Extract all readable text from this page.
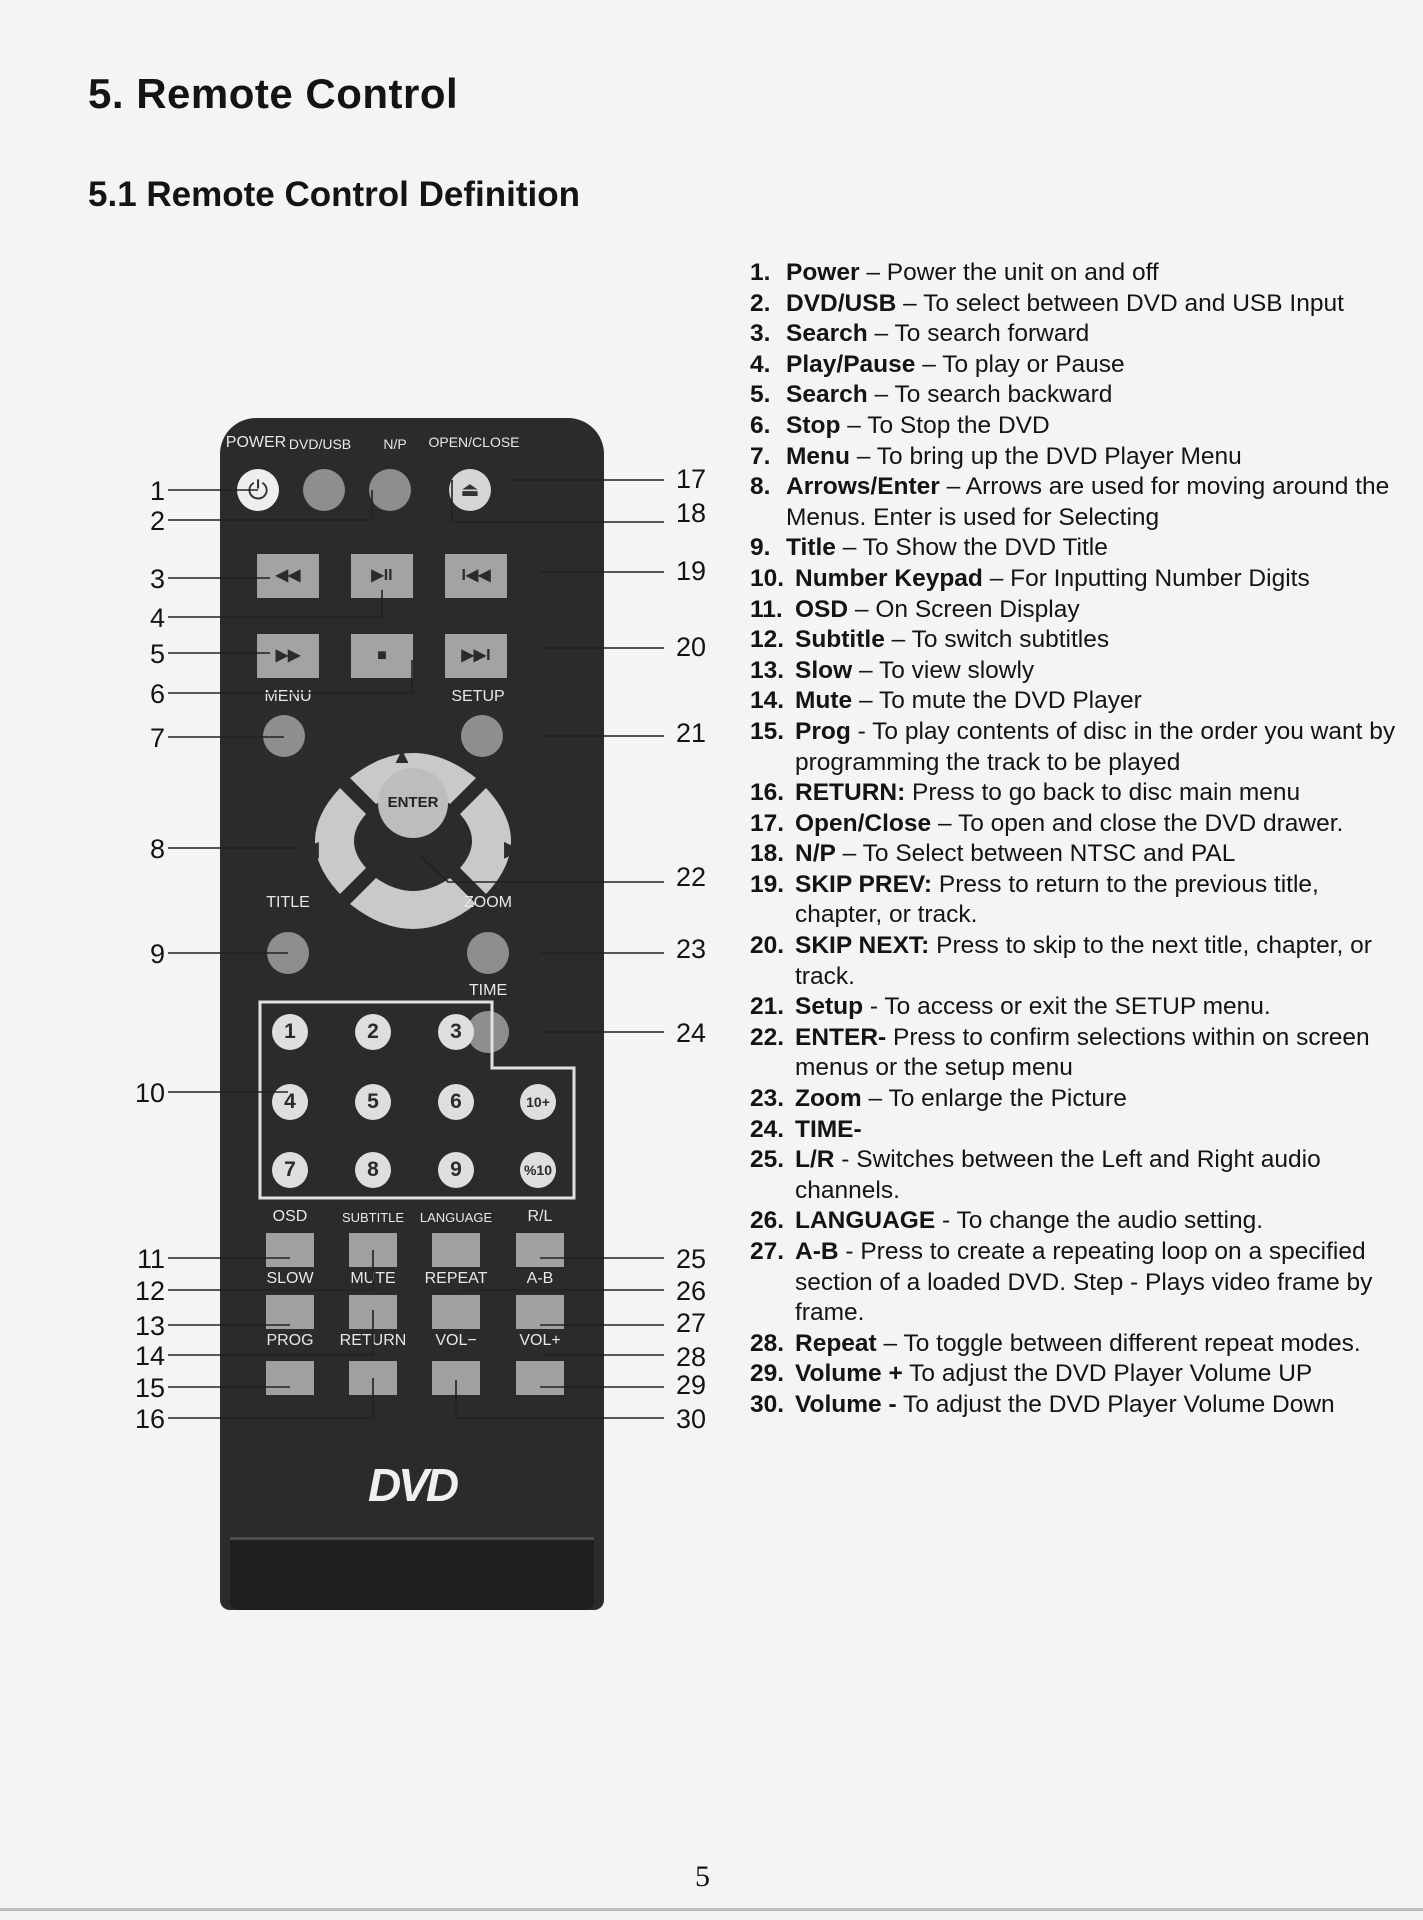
5. Remote Control
5.1 Remote Control Definition
POWER DVD/USB N/P OPEN/CLOSE
⏻	⏏
◀◀	▶II	I◀◀
▶▶	■	▶▶I
MENU	SETUP
▲
▼
◀	▶
ENTER
TITLE	ZOOM
TIME
1	2	3
4	5	6	10+
7	8	9	%10
OSD	SUBTITLE LANGUAGE R/L
SLOW MUTE REPEAT A-B
PROG RETURN VOL−	VOL+
DVD
1
2
3
4
5
6
7
8
9
10
11
12
13
14
15
16
17
18
19
20
21
22
23
24
25
26
27
28
29
30
1. Power – Power the unit on and off
2. DVD/USB – To select between DVD and USB Input
3. Search – To search forward
4. Play/Pause – To play or Pause
5. Search – To search backward
6. Stop – To Stop the DVD
7. Menu – To bring up the DVD Player Menu
8. Arrows/Enter – Arrows are used for moving around the Menus. Enter is used for Selecting
9. Title – To Show the DVD Title
10. Number Keypad – For Inputting Number Digits
11. OSD – On Screen Display
12. Subtitle – To switch subtitles
13. Slow – To view slowly
14. Mute – To mute the DVD Player
15. Prog - To play contents of disc in the order you want by programming the track to be played
16. RETURN: Press to go back to disc main menu
17. Open/Close – To open and close the DVD drawer.
18. N/P – To Select between NTSC and PAL
19. SKIP PREV: Press to return to the previous title, chapter, or track.
20. SKIP NEXT: Press to skip to the next title, chapter, or track.
21. Setup - To access or exit the SETUP menu.
22. ENTER- Press to confirm selections within on screen menus or the setup menu
23. Zoom – To enlarge the Picture
24. TIME-
25. L/R - Switches between the Left and Right audio channels.
26. LANGUAGE - To change the audio setting.
27. A-B - Press to create a repeating loop on a specified section of a loaded DVD. Step - Plays video frame by frame.
28. Repeat – To toggle between different repeat modes.
29. Volume + To adjust the DVD Player Volume UP
30. Volume - To adjust the DVD Player Volume Down
5
